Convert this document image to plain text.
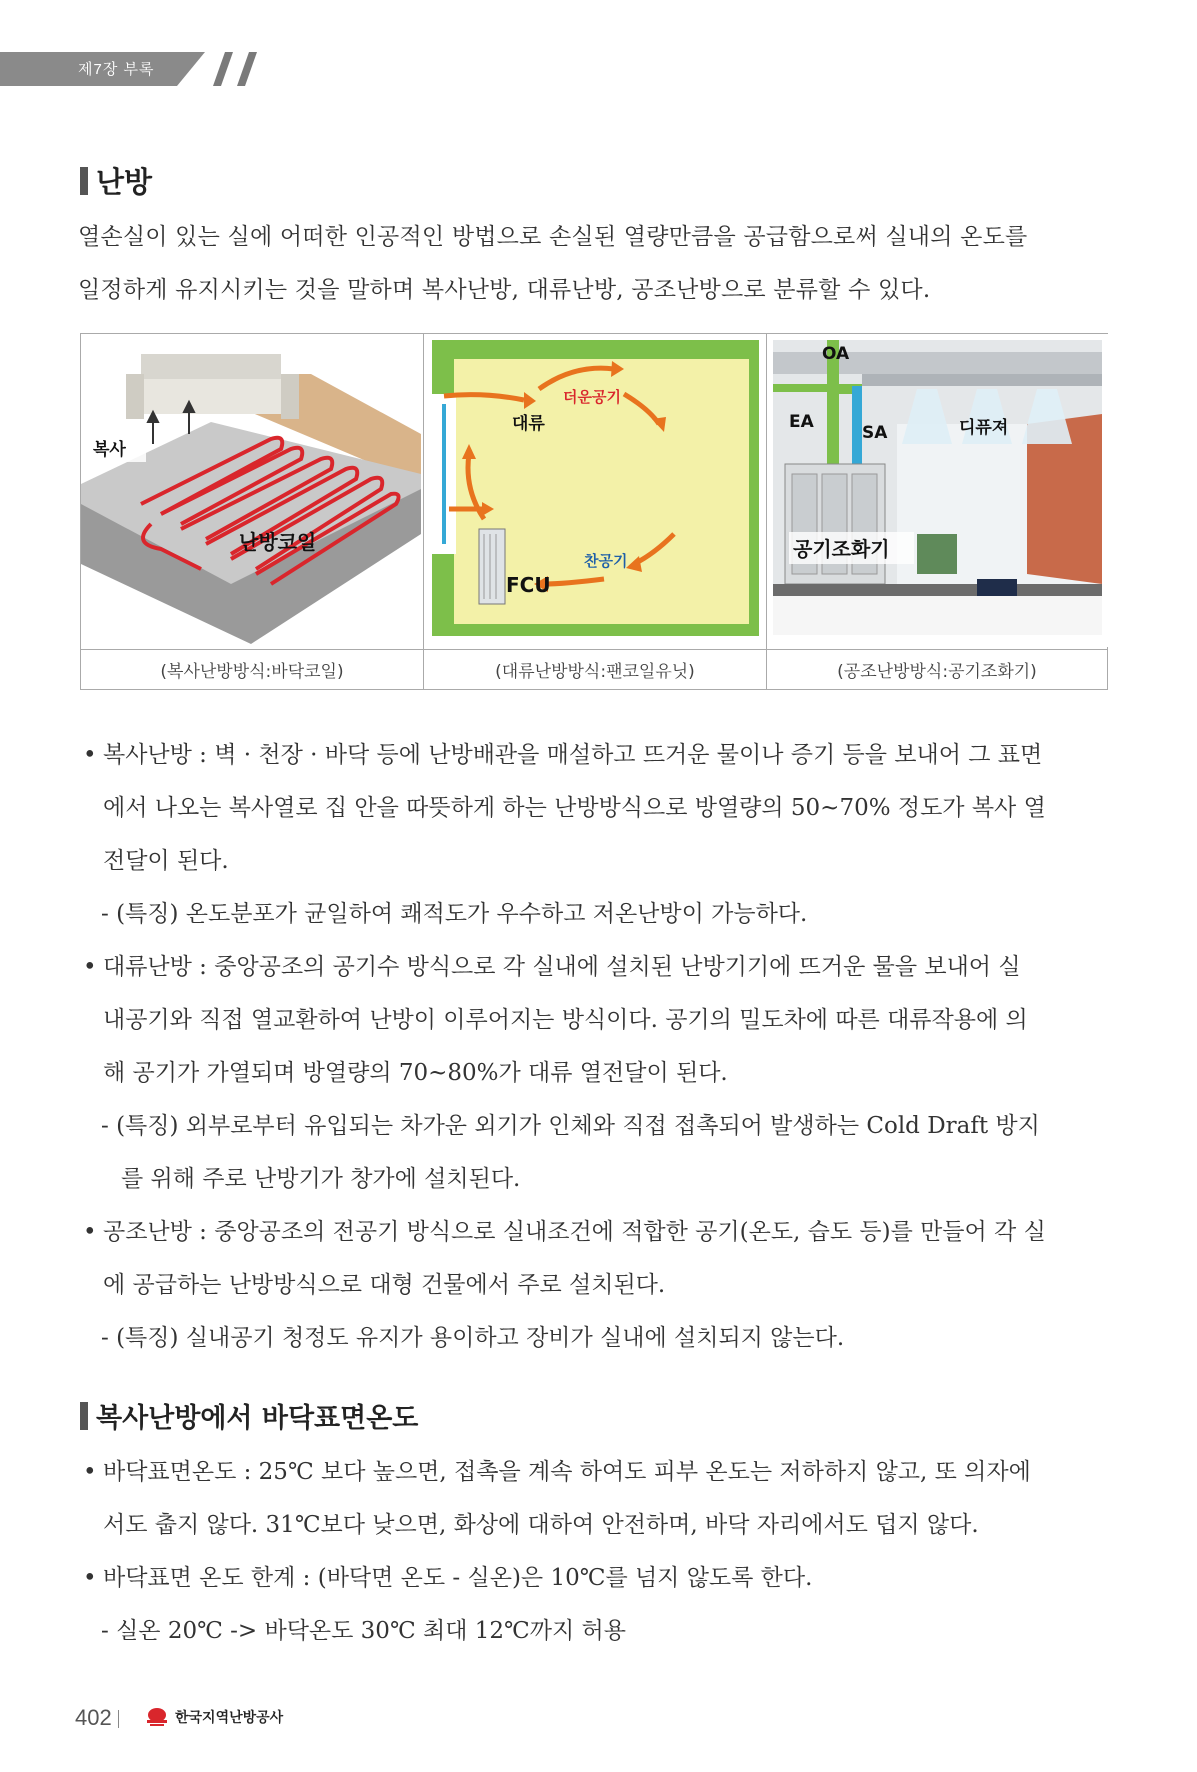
제7장 부록
난방
열손실이 있는 실에 어떠한 인공적인 방법으로 손실된 열량만큼을 공급함으로써 실내의 온도를
일정하게 유지시키는 것을 말하며 복사난방, 대류난방, 공조난방으로 분류할 수 있다.
복사
난방코일
더운공기
대류
찬공기
FCU
OA
EA
SA	디퓨져
공기조화기
(복사난방방식:바닥코일)	(대류난방방식:팬코일유닛)	(공조난방방식:공기조화기)
• 복사난방 : 벽 · 천장 · 바닥 등에 난방배관을 매설하고 뜨거운 물이나 증기 등을 보내어 그 표면
에서 나오는 복사열로 집 안을 따뜻하게 하는 난방방식으로 방열량의 50~70% 정도가 복사 열
전달이 된다.
- (특징) 온도분포가 균일하여 쾌적도가 우수하고 저온난방이 가능하다.
• 대류난방 : 중앙공조의 공기수 방식으로 각 실내에 설치된 난방기기에 뜨거운 물을 보내어 실
내공기와 직접 열교환하여 난방이 이루어지는 방식이다. 공기의 밀도차에 따른 대류작용에 의
해 공기가 가열되며 방열량의 70~80%가 대류 열전달이 된다.
- (특징) 외부로부터 유입되는 차가운 외기가 인체와 직접 접촉되어 발생하는 Cold Draft 방지
를 위해 주로 난방기가 창가에 설치된다.
• 공조난방 : 중앙공조의 전공기 방식으로 실내조건에 적합한 공기(온도, 습도 등)를 만들어 각 실
에 공급하는 난방방식으로 대형 건물에서 주로 설치된다.
- (특징) 실내공기 청정도 유지가 용이하고 장비가 실내에 설치되지 않는다.
복사난방에서 바닥표면온도
• 바닥표면온도 : 25℃ 보다 높으면, 접촉을 계속 하여도 피부 온도는 저하하지 않고, 또 의자에
서도 춥지 않다. 31℃보다 낮으면, 화상에 대하여 안전하며, 바닥 자리에서도 덥지 않다.
• 바닥표면 온도 한계 : (바닥면 온도 - 실온)은 10℃를 넘지 않도록 한다.
- 실온 20℃ -> 바닥온도 30℃ 최대 12℃까지 허용
402	한국지역난방공사
